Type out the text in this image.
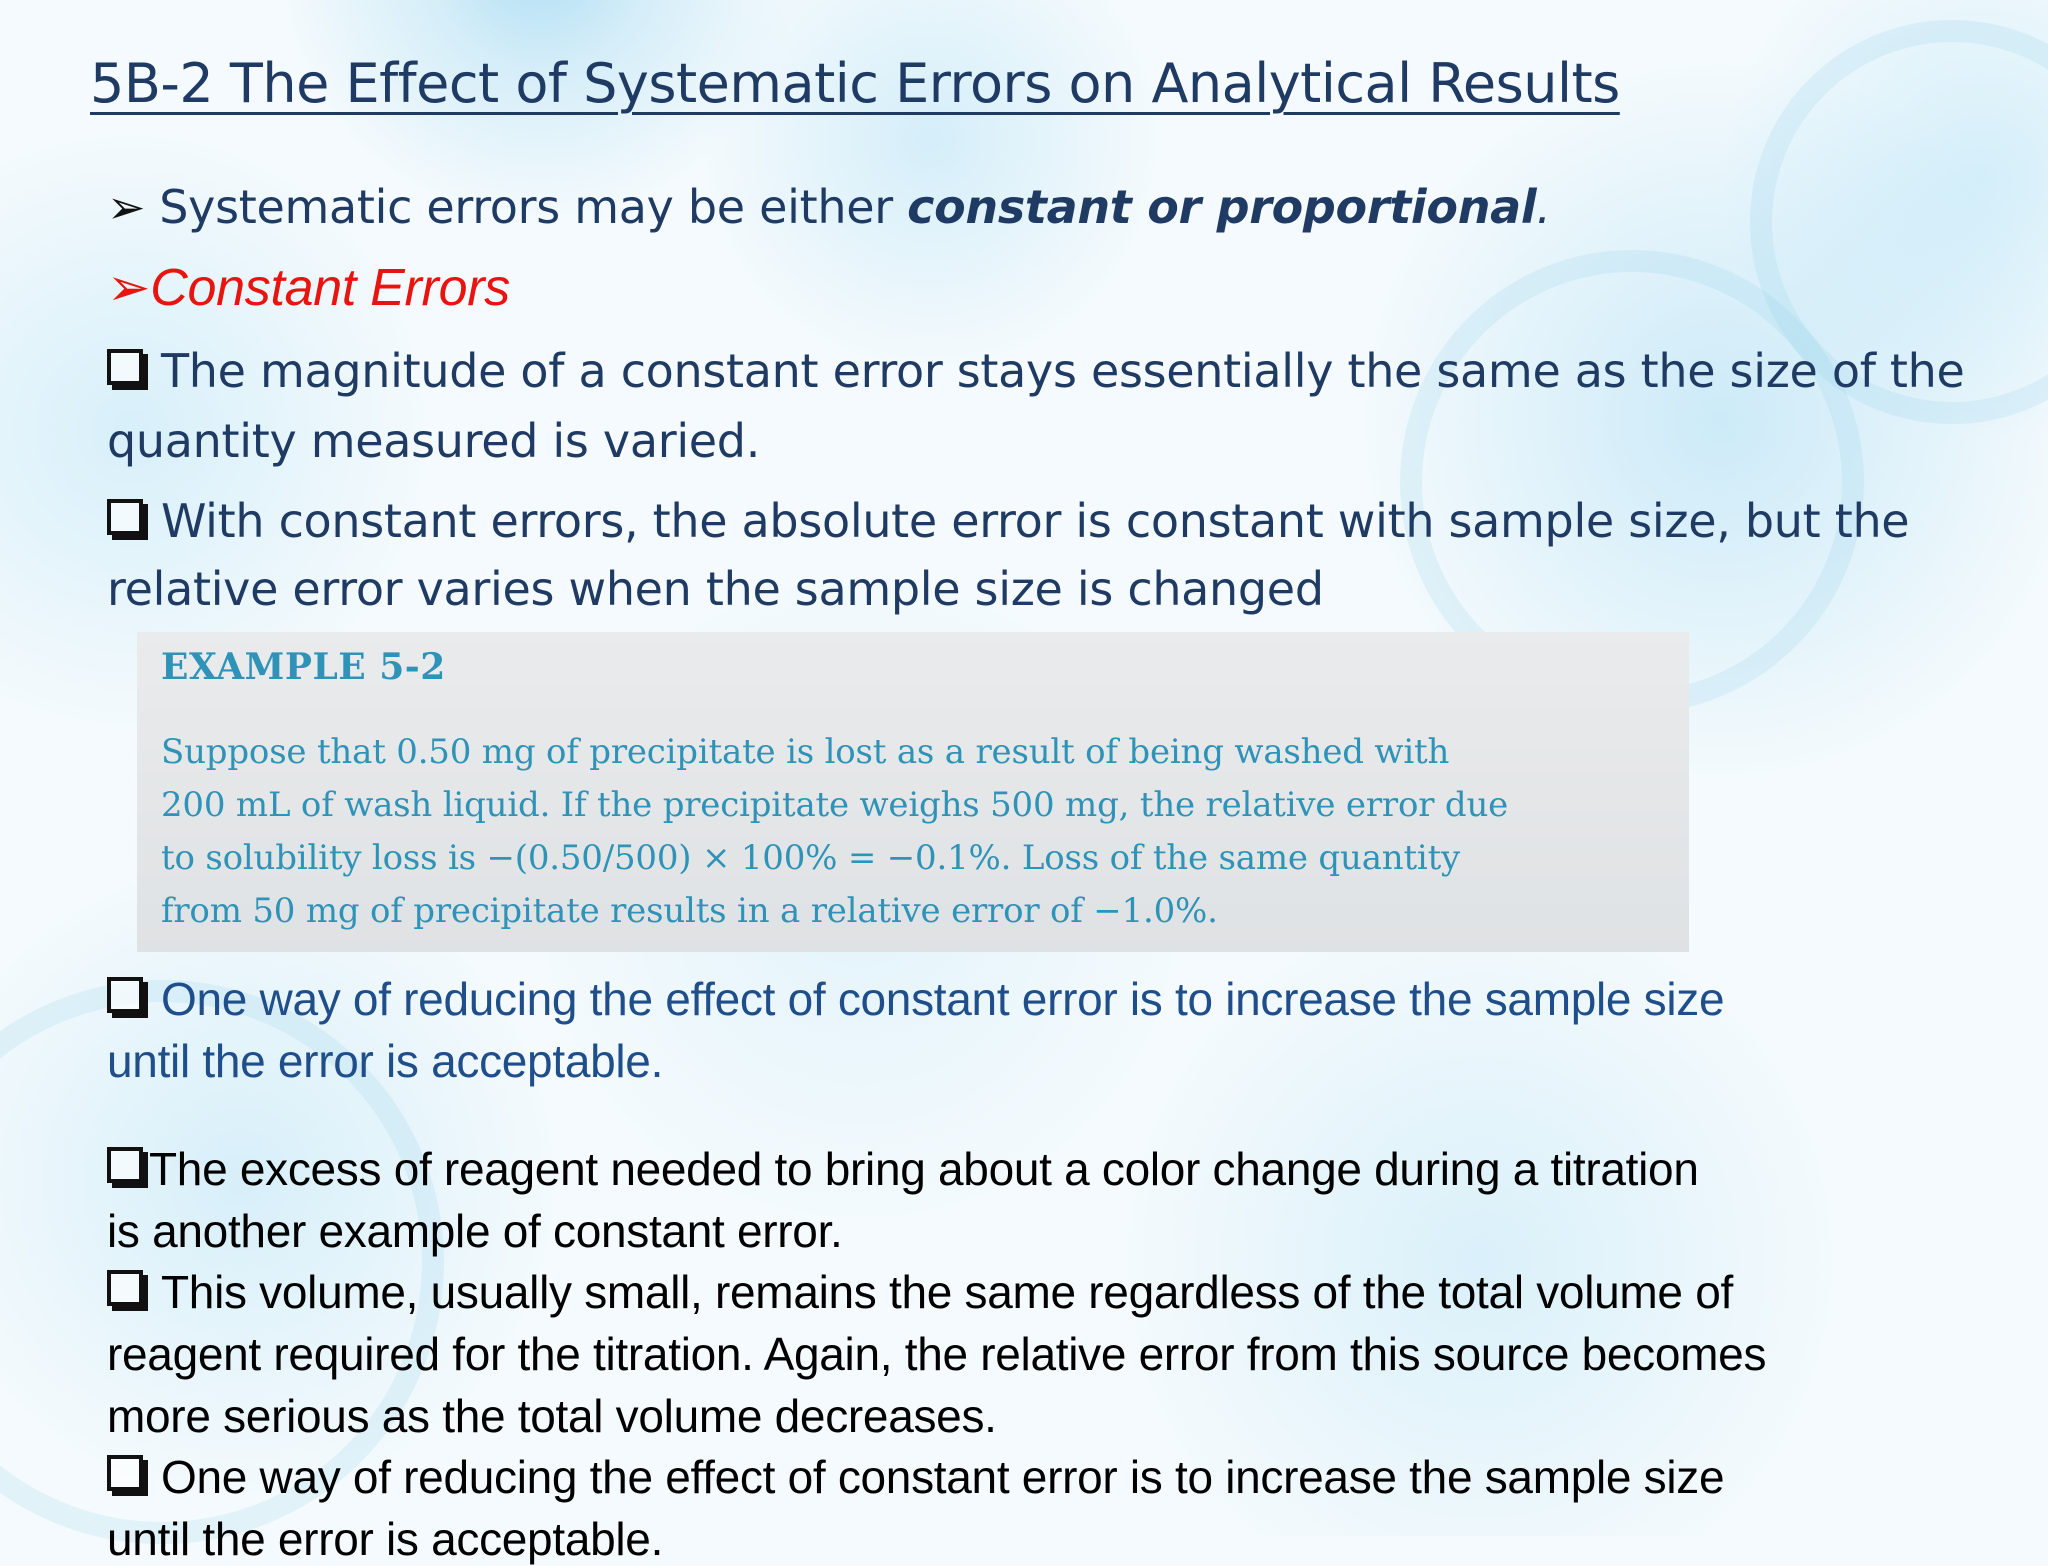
5B-2 The Effect of Systematic Errors on Analytical Results
➢ Systematic errors may be either constant or proportional.
➢Constant Errors
The magnitude of a constant error stays essentially the same as the size of the
quantity measured is varied.
With constant errors, the absolute error is constant with sample size, but the
relative error varies when the sample size is changed
EXAMPLE 5-2
Suppose that 0.50 mg of precipitate is lost as a result of being washed with
200 mL of wash liquid. If the precipitate weighs 500 mg, the relative error due
to solubility loss is −(0.50/500) × 100% = −0.1%. Loss of the same quantity
from 50 mg of precipitate results in a relative error of −1.0%.
One way of reducing the effect of constant error is to increase the sample size
until the error is acceptable.
The excess of reagent needed to bring about a color change during a titration
is another example of constant error.
This volume, usually small, remains the same regardless of the total volume of
reagent required for the titration. Again, the relative error from this source becomes
more serious as the total volume decreases.
One way of reducing the effect of constant error is to increase the sample size
until the error is acceptable.
